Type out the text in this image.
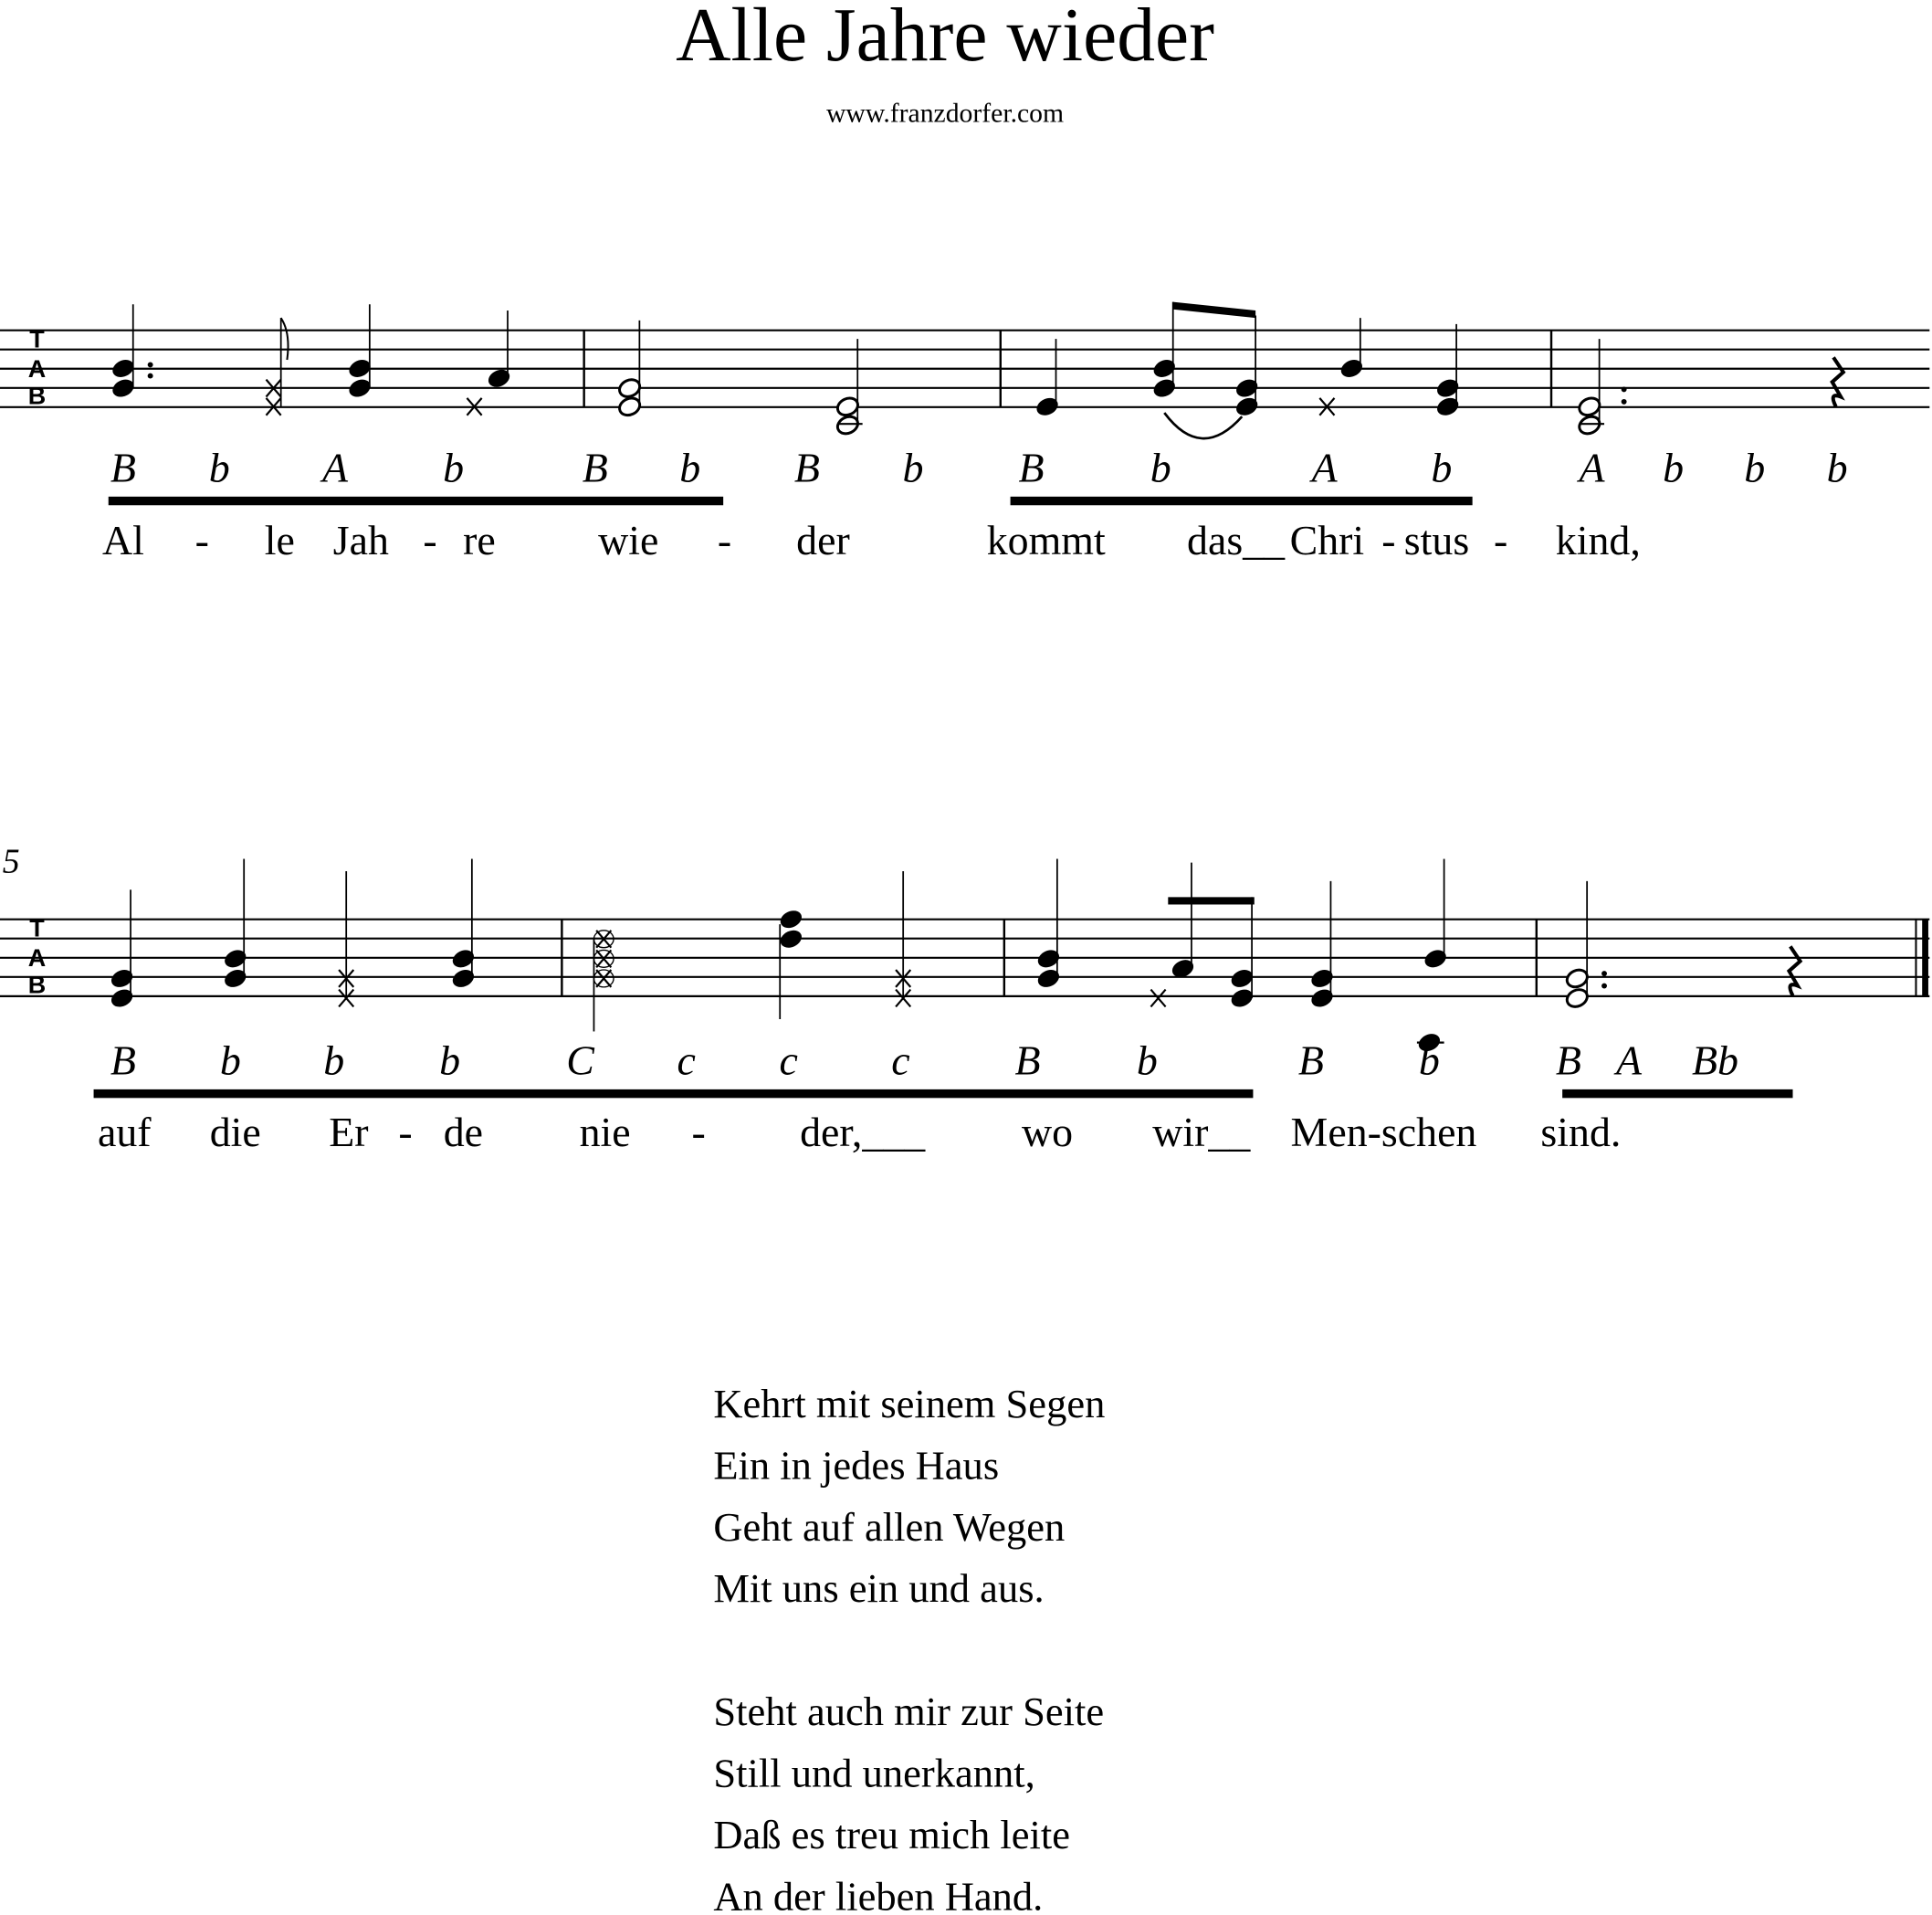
Alle Jahre wieder
www.franzdorfer.com
T
A
B
T
A
B
5
B b	A	b	B b	B	b	B	b	A	b	A b b b
Al - le Jah - re	wie - der	kommt	das__ Chri - stus - kind,
B	b	b	b	C	c	c	c	B	b	B	b	B A Bb
auf die Er - de	nie -	der,___	wo	wir__ Men-schen sind.
Kehrt mit seinem Segen
Ein in jedes Haus
Geht auf allen Wegen
Mit uns ein und aus.
Steht auch mir zur Seite
Still und unerkannt,
Daß es treu mich leite
An der lieben Hand.
